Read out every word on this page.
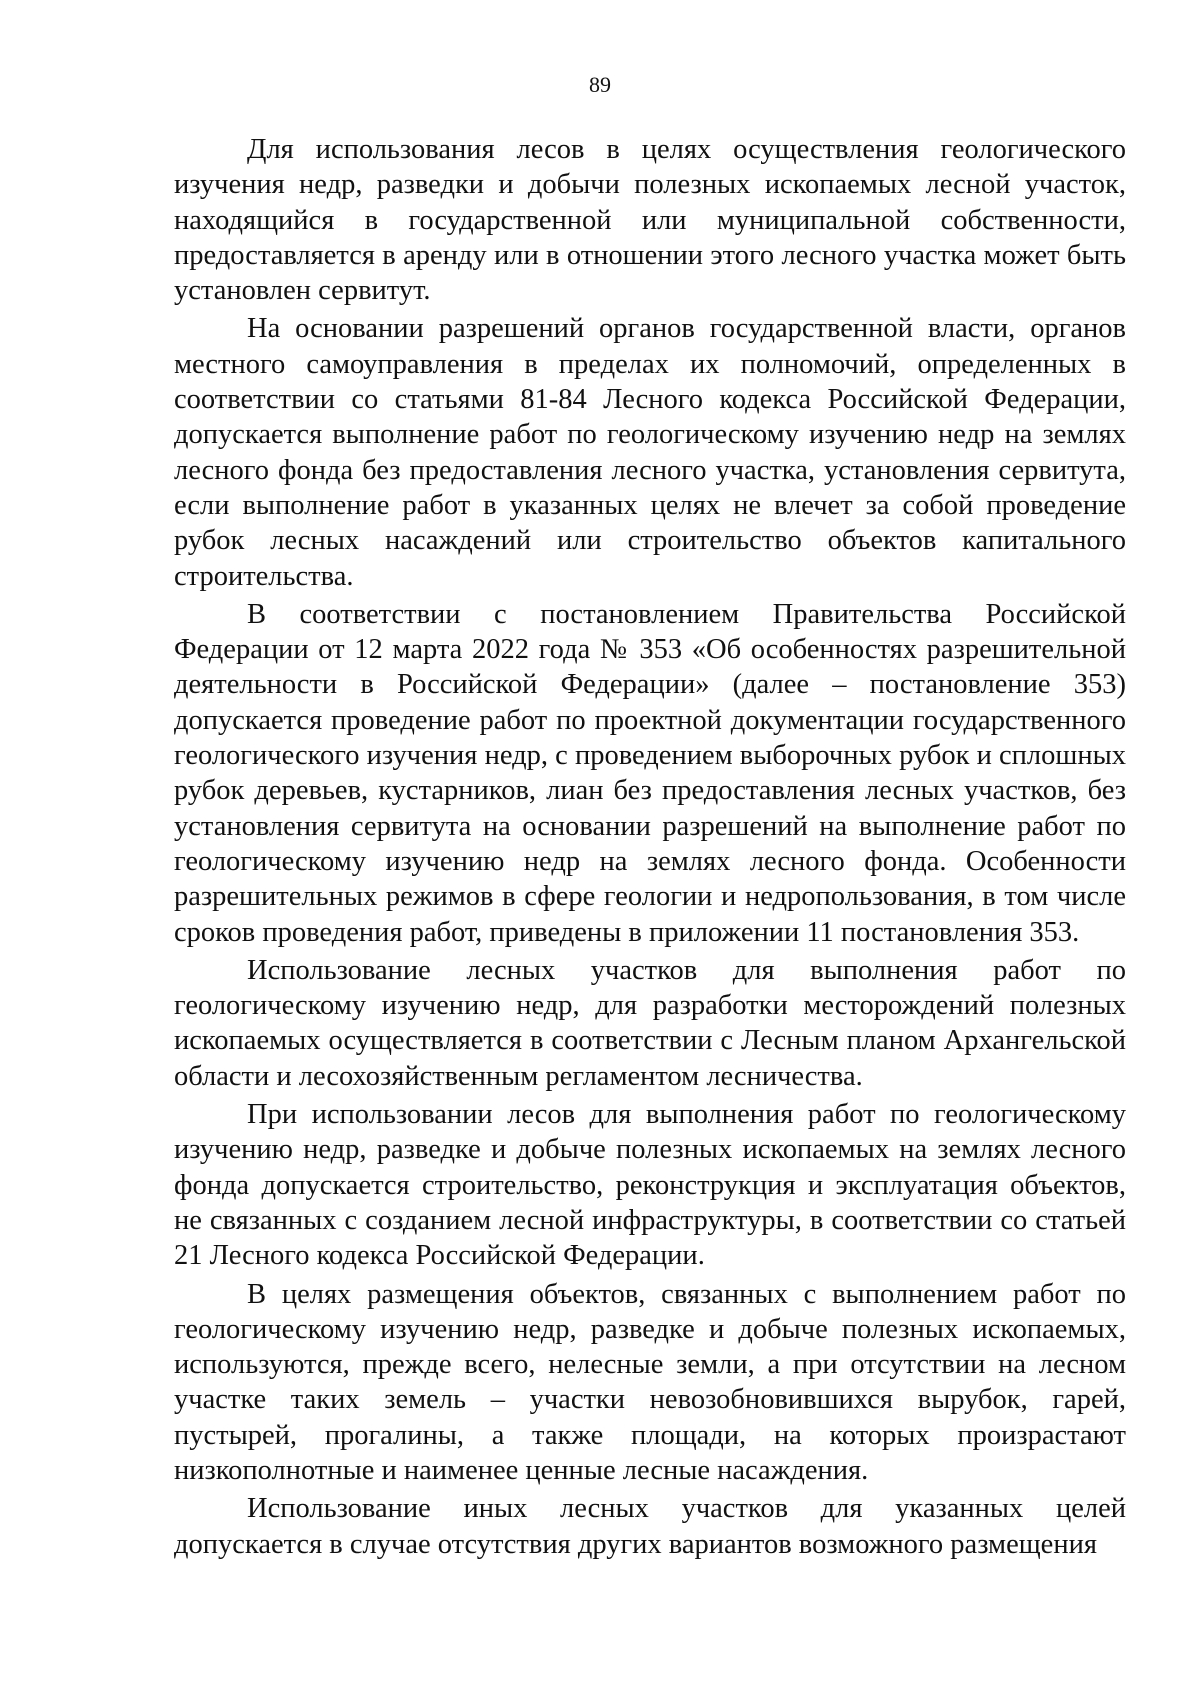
89

Для использования лесов в целях осуществления геологического изучения недр, разведки и добычи полезных ископаемых лесной участок, находящийся в государственной или муниципальной собственности, предоставляется в аренду или в отношении этого лесного участка может быть установлен сервитут.

На основании разрешений органов государственной власти, органов местного самоуправления в пределах их полномочий, определенных в соответствии со статьями 81-84 Лесного кодекса Российской Федерации, допускается выполнение работ по геологическому изучению недр на землях лесного фонда без предоставления лесного участка, установления сервитута, если выполнение работ в указанных целях не влечет за собой проведение рубок лесных насаждений или строительство объектов капитального строительства.

В соответствии с постановлением Правительства Российской Федерации от 12 марта 2022 года № 353 «Об особенностях разрешительной деятельности в Российской Федерации» (далее – постановление 353) допускается проведение работ по проектной документации государственного геологического изучения недр, с проведением выборочных рубок и сплошных рубок деревьев, кустарников, лиан без предоставления лесных участков, без установления сервитута на основании разрешений на выполнение работ по геологическому изучению недр на землях лесного фонда. Особенности разрешительных режимов в сфере геологии и недропользования, в том числе сроков проведения работ, приведены в приложении 11 постановления 353.

Использование лесных участков для выполнения работ по геологическому изучению недр, для разработки месторождений полезных ископаемых осуществляется в соответствии с Лесным планом Архангельской области и лесохозяйственным регламентом лесничества.

При использовании лесов для выполнения работ по геологическому изучению недр, разведке и добыче полезных ископаемых на землях лесного фонда допускается строительство, реконструкция и эксплуатация объектов, не связанных с созданием лесной инфраструктуры, в соответствии со статьей 21 Лесного кодекса Российской Федерации.

В целях размещения объектов, связанных с выполнением работ по геологическому изучению недр, разведке и добыче полезных ископаемых, используются, прежде всего, нелесные земли, а при отсутствии на лесном участке таких земель – участки невозобновившихся вырубок, гарей, пустырей, прогалины, а также площади, на которых произрастают низкополнотные и наименее ценные лесные насаждения.

Использование иных лесных участков для указанных целей допускается в случае отсутствия других вариантов возможного размещения
